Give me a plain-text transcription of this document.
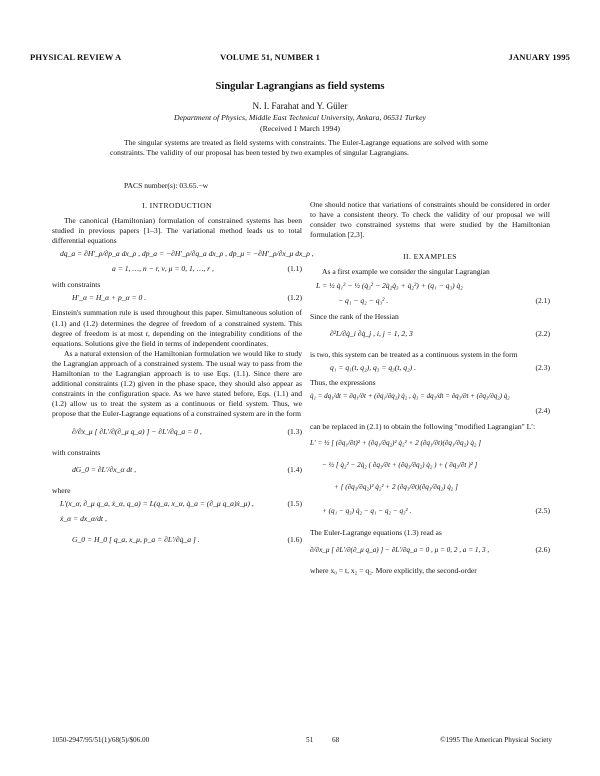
PHYSICAL REVIEW A	VOLUME 51, NUMBER 1	JANUARY 1995
Singular Lagrangians as field systems
N. I. Farahat and Y. Güler
Department of Physics, Middle East Technical University, Ankara, 06531 Turkey
(Received 1 March 1994)
The singular systems are treated as field systems with constraints. The Euler-Lagrange equations are solved with some constraints. The validity of our proposal has been tested by two examples of singular Lagrangians.
PACS number(s): 03.65.−w
I. INTRODUCTION

The canonical (Hamiltonian) formulation of constrained systems has been studied in previous papers [1–3]. The variational method leads us to total differential equations

dq_a = ∂H′_ρ/∂p_a dx_ρ , dp_a = −∂H′_ρ/∂q_a dx_ρ , dp_μ = −∂H′_ρ/∂x_μ dx_ρ ,
a = 1, …, n − r, ν, μ = 0, 1, …, r ,	(1.1)

with constraints

H′_α = H_α + p_α = 0 .	(1.2)

Einstein's summation rule is used throughout this paper. Simultaneous solution of (1.1) and (1.2) determines the degree of freedom of a constrained system. This degree of freedom is at most r, depending on the integrability conditions of the equations. Solutions give the field in terms of independent coordinates.

As a natural extension of the Hamiltonian formulation we would like to study the Lagrangian approach of a constrained system. The usual way to pass from the Hamiltonian to the Lagrangian approach is to use Eqs. (1.1). Since there are additional constraints (1.2) given in the phase space, they should also appear as constraints in the configuration space. As we have stated before, Eqs. (1.1) and (1.2) allow us to treat the system as a continuous or field system. Thus, we propose that the Euler-Lagrange equations of a constrained system are in the form

∂/∂x_μ [ ∂L′/∂(∂_μ q_a) ] − ∂L′/∂q_a = 0 ,	(1.3)

with constraints

dG_0 = ∂L′/∂x_α dt ,	(1.4)

where

L′(x_α, ∂_μ q_a, ẋ_α, q_a) = L(q_a, x_α, q̇_a = (∂_μ q_a)ẋ_μ) ,
ẋ_α = dx_α/dt ,
(1.5)
G_0 = H_0 [ q_a, x_μ, p_a = ∂L′/∂q̇_a ] .	(1.6)

One should notice that variations of constraints should be considered in order to have a consistent theory. To check the validity of our proposal we will consider two constrained systems that were studied by the Hamiltonian formulation [2,3].

II. EXAMPLES

As a first example we consider the singular Lagrangian

L = ½ q̇₁² − ½ (q̇₃² − 2q̇₂q̇₃ + q̇₂²) + (q₁ − q₃) q̇₂
− q₁ − q₂ − q₃² .	(2.1)

Since the rank of the Hessian

∂²L/∂q̇_i ∂q̇_j , i, j = 1, 2, 3	(2.2)

is two, this system can be treated as a continuous system in the form

q₁ = q₁(t, q₂), q₃ = q₃(t, q₂) .	(2.3)

Thus, the expressions

q̇₁ = dq₁/dt = ∂q₁/∂t + (∂q₁/∂q₂) q̇₂ , q̇₃ = dq₃/dt = ∂q₃/∂t + (∂q₃/∂q₂) q̇₂
(2.4)

can be replaced in (2.1) to obtain the following "modified Lagrangian" L′:

L′ = ½ [ (∂q₁/∂t)² + (∂q₁/∂q₂)² q̇₂² + 2 (∂q₁/∂t)(∂q₁/∂q₂) q̇₂ ]
− ½ [ q̇₂² − 2q̇₂ ( ∂q₃/∂t + (∂q₃/∂q₂) q̇₂ ) + ( ∂q₃/∂t )² ]
+ [ (∂q₃/∂q₂)² q̇₂² + 2 (∂q₃/∂t)(∂q₃/∂q₂) q̇₂ ]
+ (q₁ − q₃) q̇₂ − q₁ − q₂ − q₃² .	(2.5)

The Euler-Lagrange equations (1.3) read as

∂/∂x_μ [ ∂L′/∂(∂_μ q_a) ] − ∂L′/∂q_a = 0 , μ = 0, 2 , a = 1, 3 ,	(2.6)

where x₀ = t, x₂ = q₂. More explicitly, the second-order

1050-2947/95/51(1)/68(5)/$06.00	51	68	©1995 The American Physical Society
